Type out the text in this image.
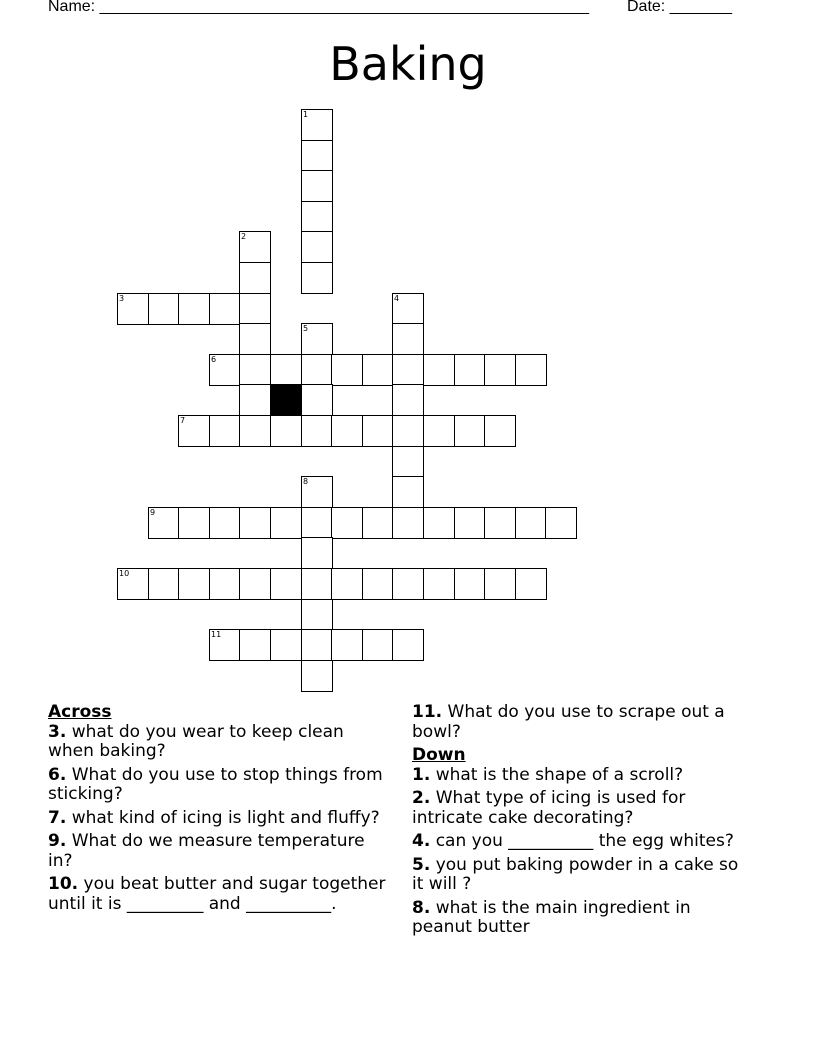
Name: _______________________________________________________ Date: _______
Baking
1
2
3	4
5
6
7
8
9
10
11
Across
3. what do you wear to keep clean when baking?
6. What do you use to stop things from sticking?
7. what kind of icing is light and fluffy?
9. What do we measure temperature in?
10. you beat butter and sugar together until it is _________ and __________.
11. What do you use to scrape out a bowl?
Down
1. what is the shape of a scroll?
2. What type of icing is used for intricate cake decorating?
4. can you __________ the egg whites?
5. you put baking powder in a cake so it will ?
8. what is the main ingredient in peanut butter
